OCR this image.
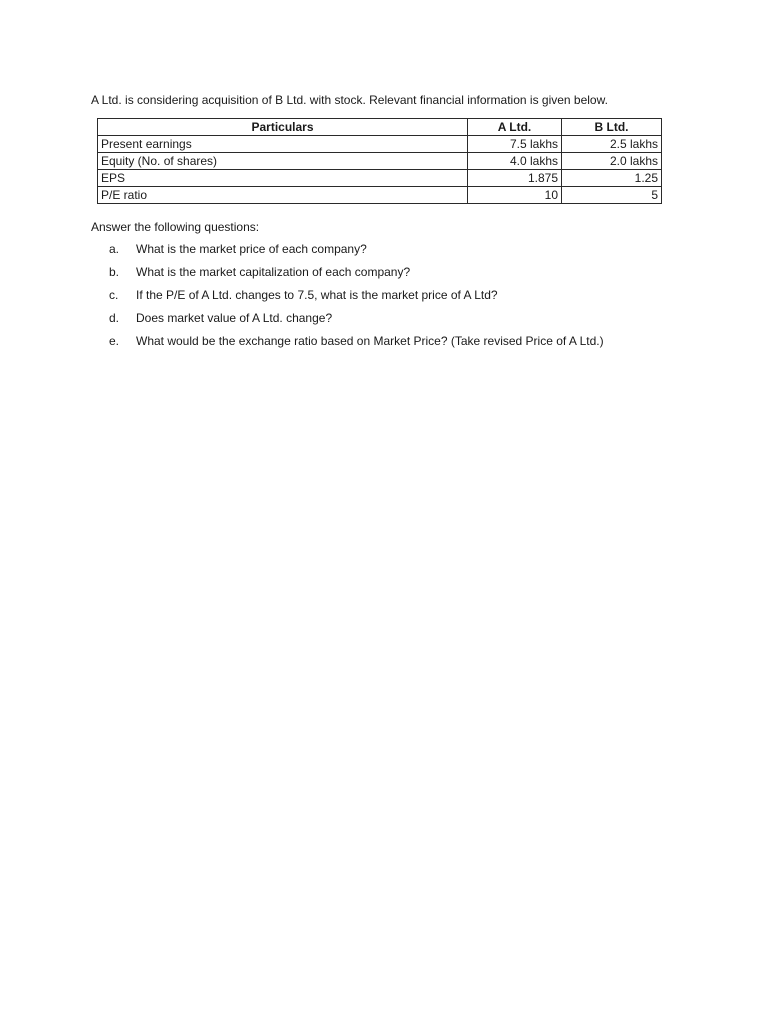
A Ltd. is considering acquisition of B Ltd. with stock. Relevant financial information is given below.

Particulars	A Ltd.	B Ltd.
Present earnings	7.5 lakhs	2.5 lakhs
Equity (No. of shares)	4.0 lakhs	2.0 lakhs
EPS	1.875	1.25
P/E ratio	10	5

Answer the following questions:

a. What is the market price of each company?
b. What is the market capitalization of each company?
c. If the P/E of A Ltd. changes to 7.5, what is the market price of A Ltd?
d. Does market value of A Ltd. change?
e. What would be the exchange ratio based on Market Price? (Take revised Price of A Ltd.)
